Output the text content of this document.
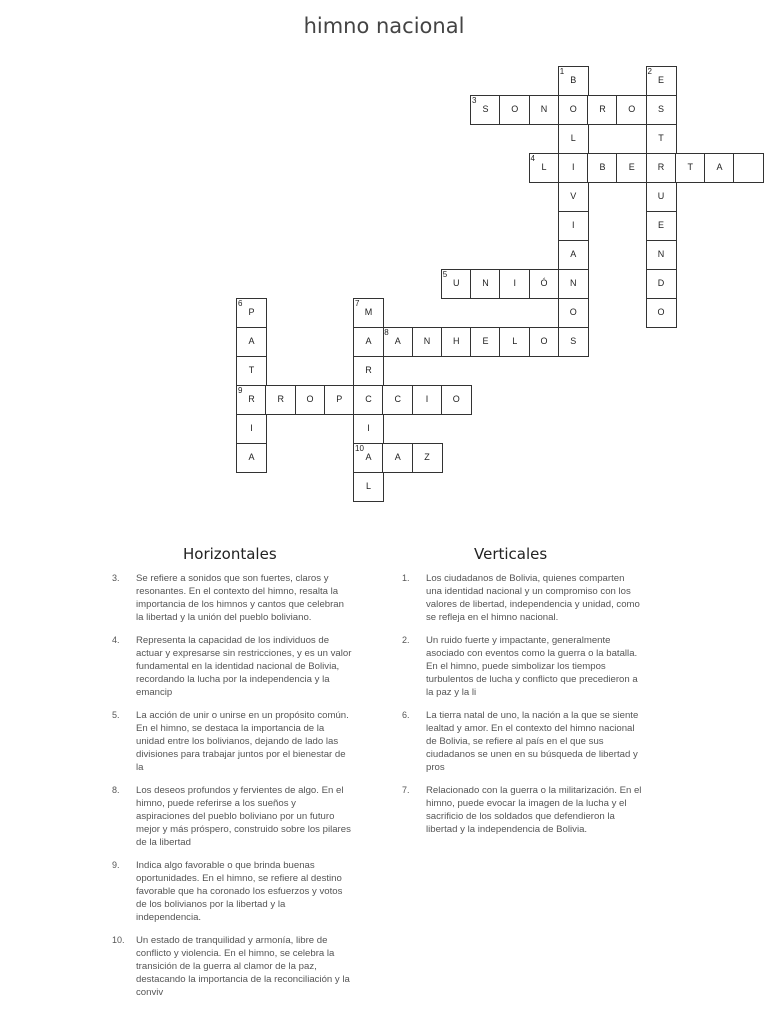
himno nacional
3
S	O	N	O	R	O	S
4
L	I	B	E	R	T	A
5
U	N	I	Ó	N
8
A	N	H	E	L	O	S
9
R	R	O	P	C	C	I	O
10
A	A	Z
1
B
L
V
I
A
O
2
E
T
U
E
N
D
O
6
P
A
T
I
A
7
M
A
R
I
L
Horizontales	Verticales
3. Se refiere a sonidos que son fuertes, claros y resonantes. En el contexto del himno, resalta la importancia de los himnos y cantos que celebran la libertad y la unión del pueblo boliviano.
4. Representa la capacidad de los individuos de actuar y expresarse sin restricciones, y es un valor fundamental en la identidad nacional de Bolivia, recordando la lucha por la independencia y la emancip
5. La acción de unir o unirse en un propósito común. En el himno, se destaca la importancia de la unidad entre los bolivianos, dejando de lado las divisiones para trabajar juntos por el bienestar de la
8. Los deseos profundos y fervientes de algo. En el himno, puede referirse a los sueños y aspiraciones del pueblo boliviano por un futuro mejor y más próspero, construido sobre los pilares de la libertad
9. Indica algo favorable o que brinda buenas oportunidades. En el himno, se refiere al destino favorable que ha coronado los esfuerzos y votos de los bolivianos por la libertad y la independencia.
10. Un estado de tranquilidad y armonía, libre de conflicto y violencia. En el himno, se celebra la transición de la guerra al clamor de la paz, destacando la importancia de la reconciliación y la conviv
1. Los ciudadanos de Bolivia, quienes comparten una identidad nacional y un compromiso con los valores de libertad, independencia y unidad, como se refleja en el himno nacional.
2. Un ruido fuerte y impactante, generalmente asociado con eventos como la guerra o la batalla. En el himno, puede simbolizar los tiempos turbulentos de lucha y conflicto que precedieron a la paz y la li
6. La tierra natal de uno, la nación a la que se siente lealtad y amor. En el contexto del himno nacional de Bolivia, se refiere al país en el que sus ciudadanos se unen en su búsqueda de libertad y pros
7. Relacionado con la guerra o la militarización. En el himno, puede evocar la imagen de la lucha y el sacrificio de los soldados que defendieron la libertad y la independencia de Bolivia.
